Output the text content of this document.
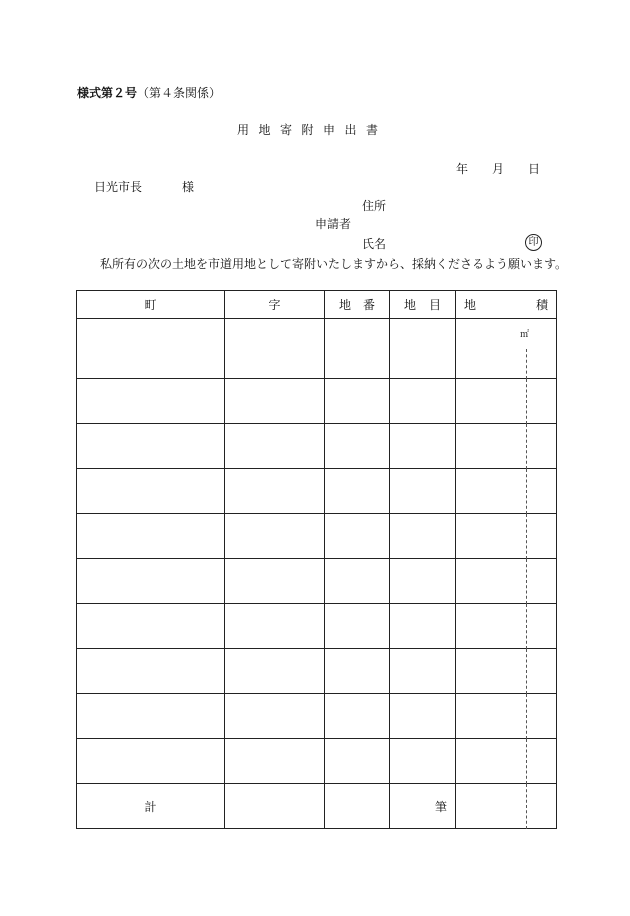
様式第２号（第４条関係）
用地寄附申出書
年 月 日
日光市長	様
住所
申請者
氏名	印
私所有の次の土地を市道用地として寄附いたしますから、採納くださるよう願います。
町	字	地 番	地 目	地 積

				㎡

計			筆	
